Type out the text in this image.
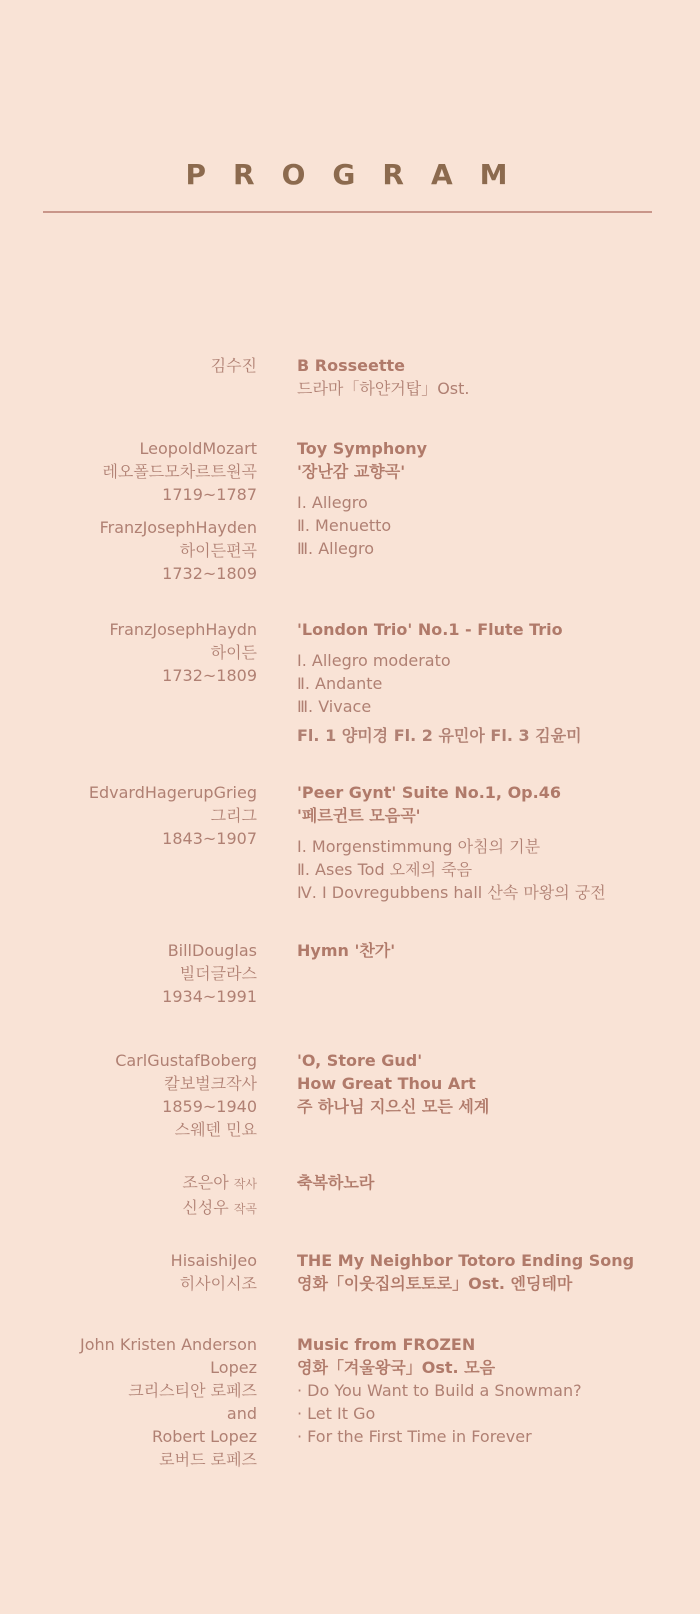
PROGRAM
김수진	B Rosseette
드라마「하얀거탑」Ost.
LeopoldMozart
레오폴드모차르트원곡
1719~1787
FranzJosephHayden
하이든편곡
1732~1809
Toy Symphony
'장난감 교향곡'
Ⅰ. Allegro
Ⅱ. Menuetto
Ⅲ. Allegro
FranzJosephHaydn
하이든
1732~1809
'London Trio' No.1 - Flute Trio
Ⅰ. Allegro moderato
Ⅱ. Andante
Ⅲ. Vivace
Fl. 1 양미경 Fl. 2 유민아 Fl. 3 김윤미
EdvardHagerupGrieg
그리그
1843~1907
'Peer Gynt' Suite No.1, Op.46
'페르귄트 모음곡'
Ⅰ. Morgenstimmung 아침의 기분
Ⅱ. Ases Tod 오제의 죽음
Ⅳ. I Dovregubbens hall 산속 마왕의 궁전
BillDouglas
빌더글라스
1934~1991
Hymn '찬가'
CarlGustafBoberg
칼보벌크작사
1859~1940
스웨덴 민요
'O, Store Gud'
How Great Thou Art
주 하나님 지으신 모든 세계
조은아 작사
신성우 작곡
축복하노라
HisaishiJeo
히사이시조
THE My Neighbor Totoro Ending Song
영화「이웃집의토토로」Ost. 엔딩테마
John Kristen Anderson
Lopez
크리스티안 로페즈
and
Robert Lopez
로버드 로페즈
Music from FROZEN
영화「겨울왕국」Ost. 모음
· Do You Want to Build a Snowman?
· Let It Go
· For the First Time in Forever
